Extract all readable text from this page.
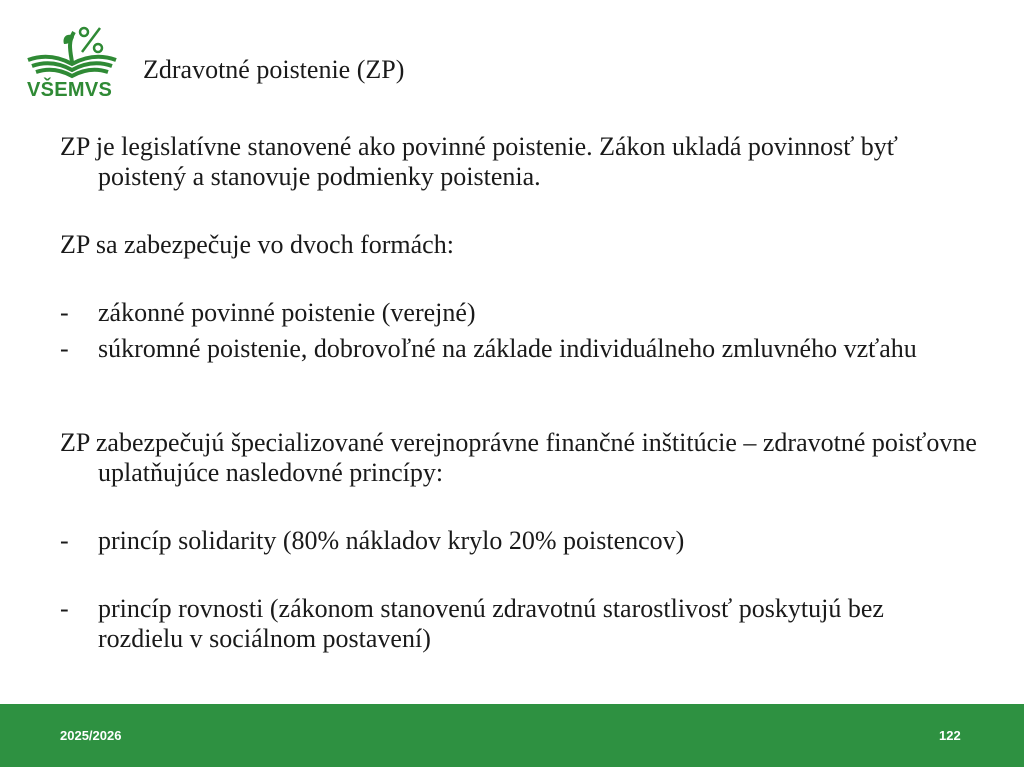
VŠEMVS
Zdravotné poistenie (ZP)
ZP je legislatívne stanovené ako povinné poistenie. Zákon ukladá povinnosť byť poistený a stanovuje podmienky poistenia.
ZP sa zabezpečuje vo dvoch formách:
-	zákonné povinné poistenie (verejné)
-	súkromné poistenie, dobrovoľné na základe individuálneho zmluvného vzťahu
ZP zabezpečujú špecializované verejnoprávne finančné inštitúcie – zdravotné poisťovne uplatňujúce nasledovné princípy:
-	princíp solidarity (80% nákladov krylo 20% poistencov)
-	princíp rovnosti (zákonom stanovenú zdravotnú starostlivosť poskytujú bez rozdielu v sociálnom postavení)
2025/2026	122
